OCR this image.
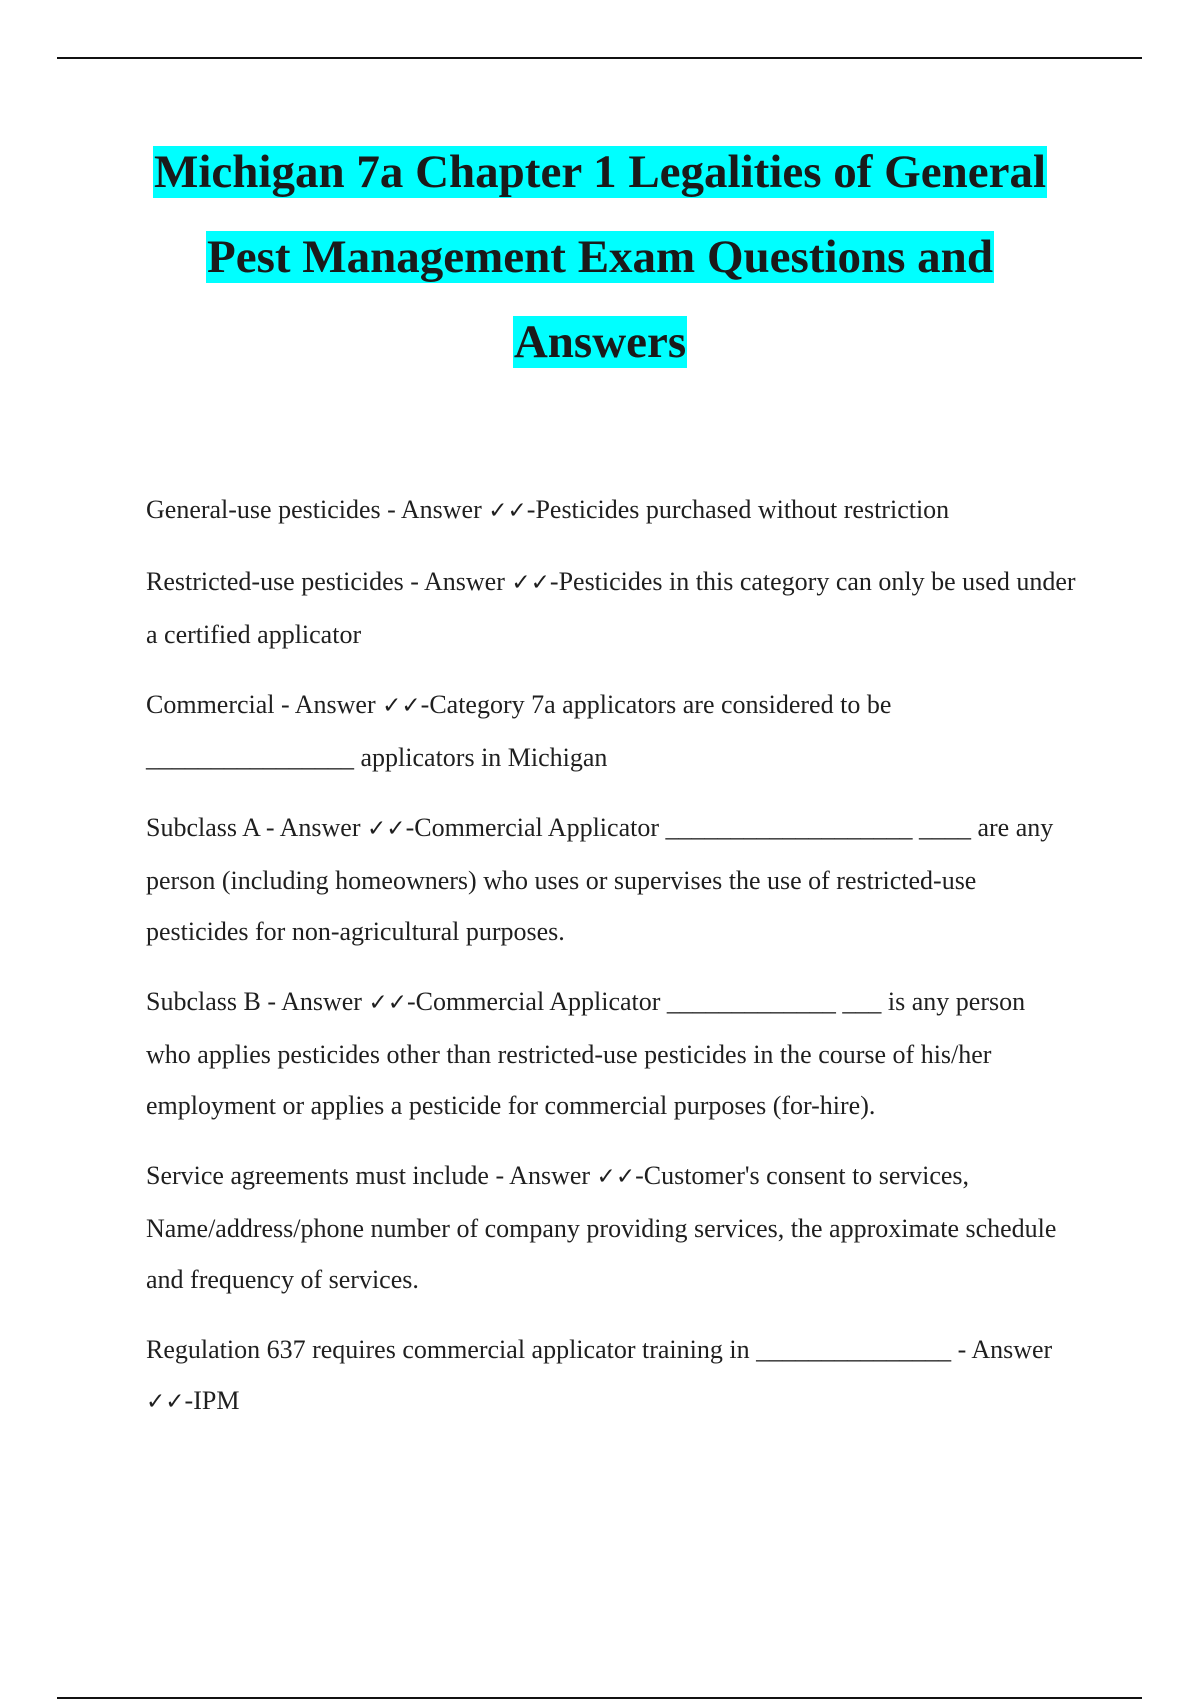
Michigan 7a Chapter 1 Legalities of General
Pest Management Exam Questions and
Answers

General-use pesticides - Answer ✓✓-Pesticides purchased without restriction

Restricted-use pesticides - Answer ✓✓-Pesticides in this category can only be used under a certified applicator

Commercial - Answer ✓✓-Category 7a applicators are considered to be ________________ applicators in Michigan

Subclass A - Answer ✓✓-Commercial Applicator ___________________ ____ are any person (including homeowners) who uses or supervises the use of restricted-use pesticides for non-agricultural purposes.

Subclass B - Answer ✓✓-Commercial Applicator _____________ ___ is any person who applies pesticides other than restricted-use pesticides in the course of his/her employment or applies a pesticide for commercial purposes (for-hire).

Service agreements must include - Answer ✓✓-Customer's consent to services, Name/address/phone number of company providing services, the approximate schedule and frequency of services.

Regulation 637 requires commercial applicator training in _______________ - Answer ✓✓-IPM
